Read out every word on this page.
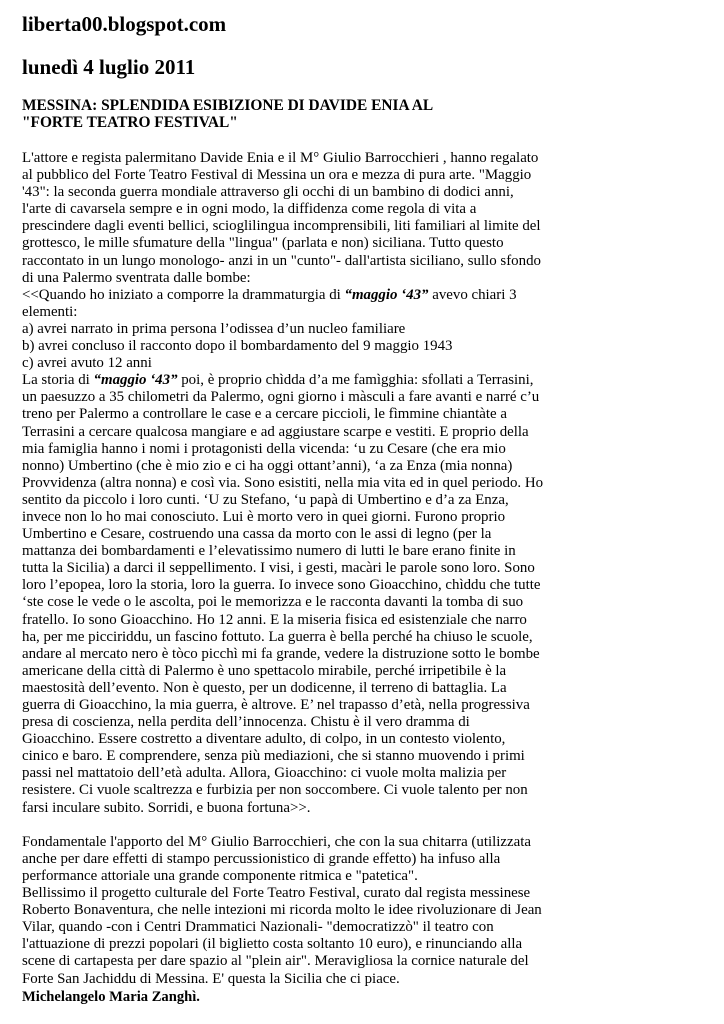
liberta00.blogspot.com
lunedì 4 luglio 2011
MESSINA: SPLENDIDA ESIBIZIONE DI DAVIDE ENIA AL
"FORTE TEATRO FESTIVAL"
L'attore e regista palermitano Davide Enia e il M° Giulio Barrocchieri , hanno regalato
al pubblico del Forte Teatro Festival di Messina un ora e mezza di pura arte. "Maggio
'43": la seconda guerra mondiale attraverso gli occhi di un bambino di dodici anni,
l'arte di cavarsela sempre e in ogni modo, la diffidenza come regola di vita a
prescindere dagli eventi bellici, scioglilingua incomprensibili, liti familiari al limite del
grottesco, le mille sfumature della "lingua" (parlata e non) siciliana. Tutto questo
raccontato in un lungo monologo- anzi in un "cunto"- dall'artista siciliano, sullo sfondo
di una Palermo sventrata dalle bombe:
<<Quando ho iniziato a comporre la drammaturgia di “maggio ‘43” avevo chiari 3
elementi:
a) avrei narrato in prima persona l’odissea d’un nucleo familiare
b) avrei concluso il racconto dopo il bombardamento del 9 maggio 1943
c) avrei avuto 12 anni
La storia di “maggio ‘43” poi, è proprio chìdda d’a me famìgghia: sfollati a Terrasini,
un paesuzzo a 35 chilometri da Palermo, ogni giorno i màsculi a fare avanti e narré c’u
treno per Palermo a controllare le case e a cercare piccioli, le fìmmine chiantàte a
Terrasini a cercare qualcosa mangiare e ad aggiustare scarpe e vestiti. E proprio della
mia famiglia hanno i nomi i protagonisti della vicenda: ‘u zu Cesare (che era mio
nonno) Umbertino (che è mio zio e ci ha oggi ottant’anni), ‘a za Enza (mia nonna)
Provvidenza (altra nonna) e così via. Sono esistiti, nella mia vita ed in quel periodo. Ho
sentito da piccolo i loro cunti. ‘U zu Stefano, ‘u papà di Umbertino e d’a za Enza,
invece non lo ho mai conosciuto. Lui è morto vero in quei giorni. Furono proprio
Umbertino e Cesare, costruendo una cassa da morto con le assi di legno (per la
mattanza dei bombardamenti e l’elevatissimo numero di lutti le bare erano finite in
tutta la Sicilia) a darci il seppellimento. I visi, i gesti, macàri le parole sono loro. Sono
loro l’epopea, loro la storia, loro la guerra. Io invece sono Gioacchino, chìddu che tutte
‘ste cose le vede o le ascolta, poi le memorizza e le racconta davanti la tomba di suo
fratello. Io sono Gioacchino. Ho 12 anni. E la miseria fisica ed esistenziale che narro
ha, per me picciriddu, un fascino fottuto. La guerra è bella perché ha chiuso le scuole,
andare al mercato nero è tòco picchì mi fa grande, vedere la distruzione sotto le bombe
americane della città di Palermo è uno spettacolo mirabile, perché irripetibile è la
maestosità dell’evento. Non è questo, per un dodicenne, il terreno di battaglia. La
guerra di Gioacchino, la mia guerra, è altrove. E’ nel trapasso d’età, nella progressiva
presa di coscienza, nella perdita dell’innocenza. Chistu è il vero dramma di
Gioacchino. Essere costretto a diventare adulto, di colpo, in un contesto violento,
cinico e baro. E comprendere, senza più mediazioni, che si stanno muovendo i primi
passi nel mattatoio dell’età adulta. Allora, Gioacchino: ci vuole molta malizia per
resistere. Ci vuole scaltrezza e furbizia per non soccombere. Ci vuole talento per non
farsi inculare subito. Sorridi, e buona fortuna>>.
Fondamentale l'apporto del M° Giulio Barrocchieri, che con la sua chitarra (utilizzata
anche per dare effetti di stampo percussionistico di grande effetto) ha infuso alla
performance attoriale una grande componente ritmica e "patetica".
Bellissimo il progetto culturale del Forte Teatro Festival, curato dal regista messinese
Roberto Bonaventura, che nelle intezioni mi ricorda molto le idee rivoluzionare di Jean
Vilar, quando -con i Centri Drammatici Nazionali- "democratizzò" il teatro con
l'attuazione di prezzi popolari (il biglietto costa soltanto 10 euro), e rinunciando alla
scene di cartapesta per dare spazio al "plein air". Meravigliosa la cornice naturale del
Forte San Jachiddu di Messina. E' questa la Sicilia che ci piace.
Michelangelo Maria Zanghì.
